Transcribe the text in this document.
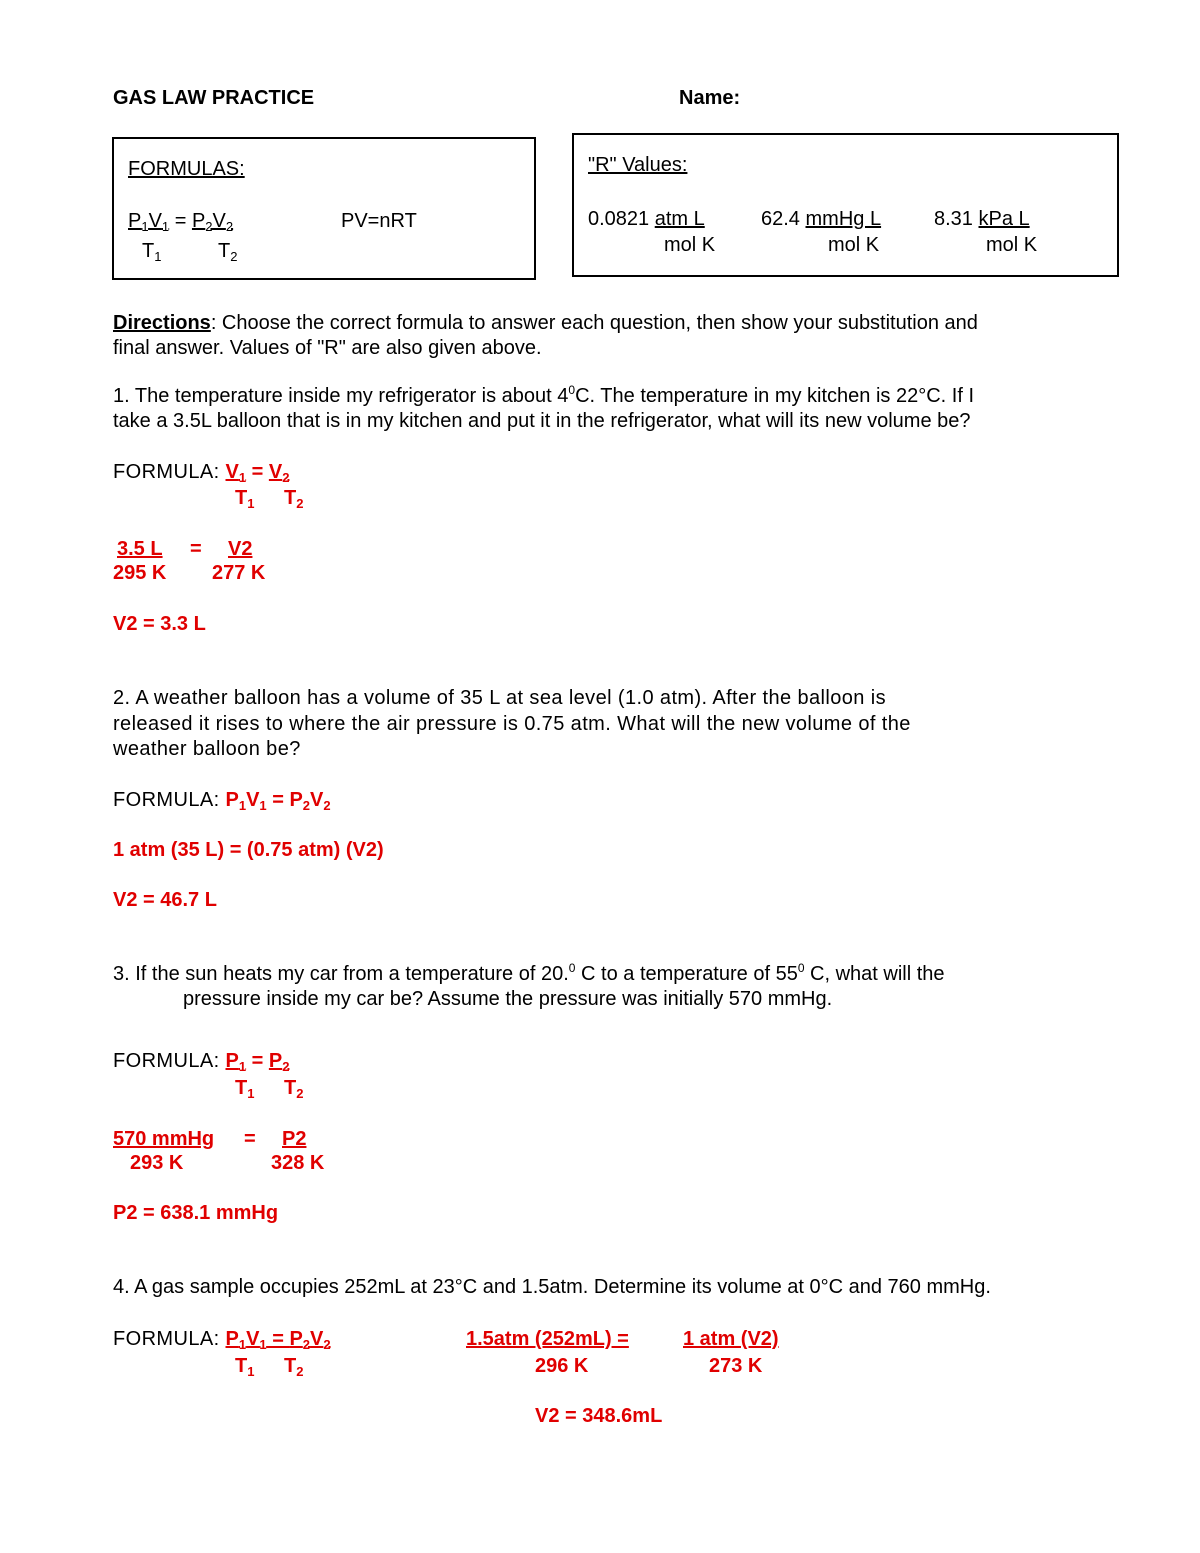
GAS LAW PRACTICE	Name:
FORMULAS:
$P_1V_1 = P_2V_2$
$T_1$	$T_2$
PV=nRT
"R" Values:
0.0821 atm L
mol K
62.4 mmHg L
mol K
8.31 kPa L
mol K
Directions: Choose the correct formula to answer each question, then show your substitution and
final answer. Values of "R" are also given above.
1. The temperature inside my refrigerator is about $4^0C$. The temperature in my kitchen is 22°C. If I
take a 3.5L balloon that is in my kitchen and put it in the refrigerator, what will its new volume be?
FORMULA: $V_1 = V_2$
$T_1$ $T_2$
3.5 L = V2
295 K 277 K
V2 = 3.3 L
2. A weather balloon has a volume of 35 L at sea level (1.0 atm). After the balloon is
released it rises to where the air pressure is 0.75 atm. What will the new volume of the
weather balloon be?
FORMULA: $P_1V_1 = P_2V_2$
1 atm (35 L) = (0.75 atm) (V2)
V2 = 46.7 L
3. If the sun heats my car from a temperature of 20.$^0$ C to a temperature of $55^0$ C, what will the
pressure inside my car be? Assume the pressure was initially 570 mmHg.
FORMULA: $P_1 = P_2$
$T_1$ $T_2$
570 mmHg = P2
293 K	328 K
P2 = 638.1 mmHg
4. A gas sample occupies 252mL at 23°C and 1.5atm. Determine its volume at 0°C and 760 mmHg.
FORMULA: $P_1V_1 = P_2V_2$
$T_1$ $T_2$
1.5atm (252mL) =	1 atm (V2)
296 K	273 K
V2 = 348.6mL
